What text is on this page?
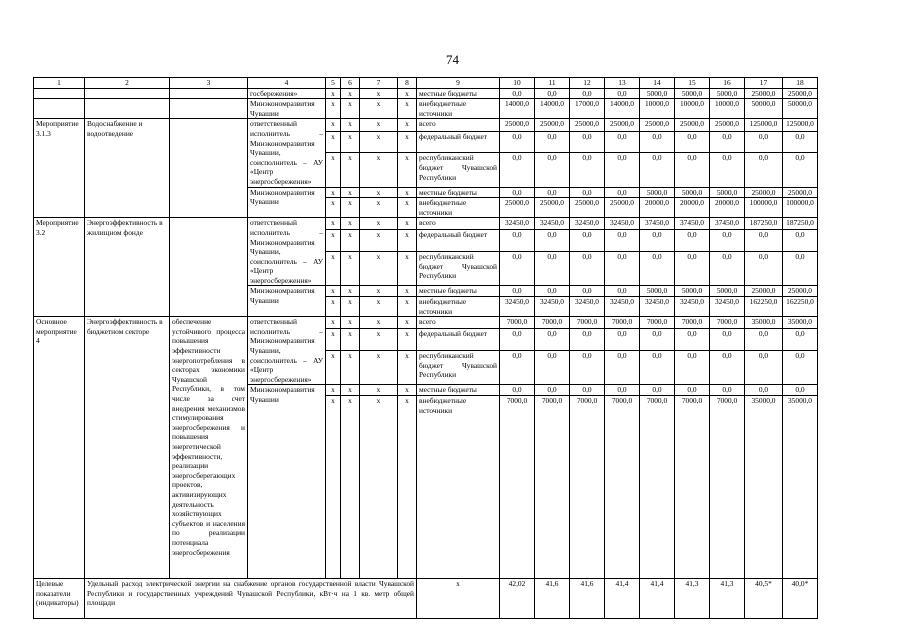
74
1	2	3	4	5	6	7	8	9	10	11	12	13	14	15	16	17	18
			госбережения»	x	x	x	x	местные бюджеты	0,0	0,0	0,0	0,0	5000,0	5000,0	5000,0	25000,0	25000,0
			Минэкономразвития Чувашии	x	x	x	x	внебюджетные источники	14000,0	14000,0	17000,0	14000,0	10000,0	10000,0	10000,0	50000,0	50000,0
Мероприятие 3.1.3	Водоснабжение и водоотведение		ответственный исполнитель – Минэкономразвития Чувашии, соисполнитель – АУ «Центр энергосбережения»	x	x	x	x	всего	25000,0	25000,0	25000,0	25000,0	25000,0	25000,0	25000,0	125000,0	125000,0
				x	x	x	x	федеральный бюджет	0,0	0,0	0,0	0,0	0,0	0,0	0,0	0,0	0,0
				x	x	x	x	республиканский бюджет Чувашской Республики	0,0	0,0	0,0	0,0	0,0	0,0	0,0	0,0	0,0
			Минэкономразвития Чувашии	x	x	x	x	местные бюджеты	0,0	0,0	0,0	0,0	5000,0	5000,0	5000,0	25000,0	25000,0
				x	x	x	x	внебюджетные источники	25000,0	25000,0	25000,0	25000,0	20000,0	20000,0	20000,0	100000,0	100000,0
Мероприятие 3.2	Энергоэффективность в жилищном фонде		ответственный исполнитель – Минэкономразвития Чувашии, соисполнитель – АУ «Центр энергосбережения»	x	x	x	x	всего	32450,0	32450,0	32450,0	32450,0	37450,0	37450,0	37450,0	187250,0	187250,0
				x	x	x	x	федеральный бюджет	0,0	0,0	0,0	0,0	0,0	0,0	0,0	0,0	0,0
				x	x	x	x	республиканский бюджет Чувашской Республики	0,0	0,0	0,0	0,0	0,0	0,0	0,0	0,0	0,0
			Минэкономразвития Чувашии	x	x	x	x	местные бюджеты	0,0	0,0	0,0	0,0	5000,0	5000,0	5000,0	25000,0	25000,0
				x	x	x	x	внебюджетные источники	32450,0	32450,0	32450,0	32450,0	32450,0	32450,0	32450,0	162250,0	162250,0
Основное мероприятие 4	Энергоэффективность в бюджетном секторе	обеспечение устойчивого процесса повышения эффективности энергопотребления в секторах экономики Чувашской Республики, в том числе за счет внедрения механизмов стимулирования энергосбережения и повышения энергетической эффективности, реализации энергосберегающих проектов, активизирующих деятельность хозяйствующих субъектов и населения по реализации потенциала энергосбережения	ответственный исполнитель – Минэкономразвития Чувашии, соисполнитель – АУ «Центр энергосбережения»	x	x	x	x	всего	7000,0	7000,0	7000,0	7000,0	7000,0	7000,0	7000,0	35000,0	35000,0
				x	x	x	x	федеральный бюджет	0,0	0,0	0,0	0,0	0,0	0,0	0,0	0,0	0,0
				x	x	x	x	республиканский бюджет Чувашской Республики	0,0	0,0	0,0	0,0	0,0	0,0	0,0	0,0	0,0
			Минэкономразвития Чувашии	x	x	x	x	местные бюджеты	0,0	0,0	0,0	0,0	0,0	0,0	0,0	0,0	0,0
				x	x	x	x	внебюджетные источники	7000,0	7000,0	7000,0	7000,0	7000,0	7000,0	7000,0	35000,0	35000,0
Целевые показатели (индикаторы)	Удельный расход электрической энергии на снабжение органов государственной власти Чувашской Республики и государственных учреждений Чувашской Республики, кВт·ч на 1 кв. метр общей площади							x	42,02	41,6	41,6	41,4	41,4	41,3	41,3	40,5*	40,0*
